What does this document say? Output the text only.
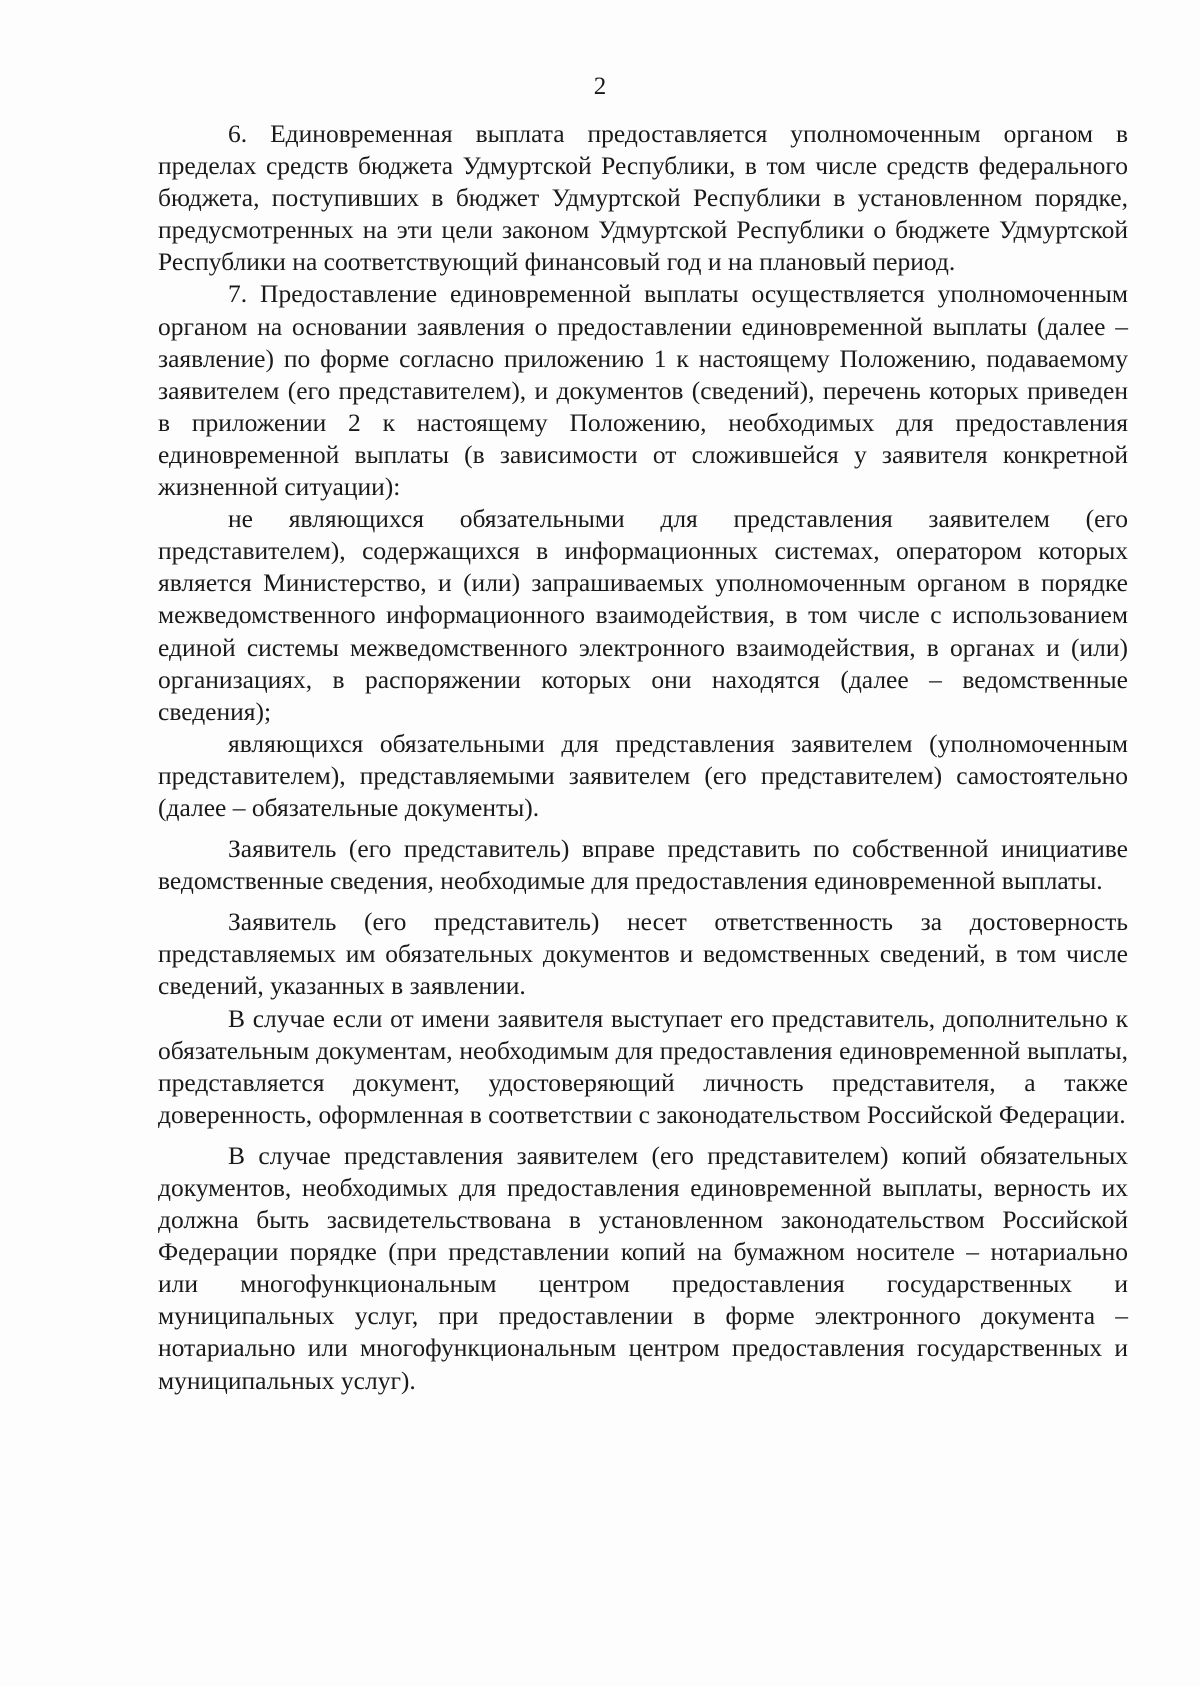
2

6. Единовременная выплата предоставляется уполномоченным органом в пределах средств бюджета Удмуртской Республики, в том числе средств федерального бюджета, поступивших в бюджет Удмуртской Республики в установленном порядке, предусмотренных на эти цели законом Удмуртской Республики о бюджете Удмуртской Республики на соответствующий финансовый год и на плановый период.

7. Предоставление единовременной выплаты осуществляется уполномоченным органом на основании заявления о предоставлении единовременной выплаты (далее – заявление) по форме согласно приложению 1 к настоящему Положению, подаваемому заявителем (его представителем), и документов (сведений), перечень которых приведен в приложении 2 к настоящему Положению, необходимых для предоставления единовременной выплаты (в зависимости от сложившейся у заявителя конкретной жизненной ситуации):

не являющихся обязательными для представления заявителем (его представителем), содержащихся в информационных системах, оператором которых является Министерство, и (или) запрашиваемых уполномоченным органом в порядке межведомственного информационного взаимодействия, в том числе с использованием единой системы межведомственного электронного взаимодействия, в органах и (или) организациях, в распоряжении которых они находятся (далее – ведомственные сведения);

являющихся обязательными для представления заявителем (уполномоченным представителем), представляемыми заявителем (его представителем) самостоятельно (далее – обязательные документы).

Заявитель (его представитель) вправе представить по собственной инициативе ведомственные сведения, необходимые для предоставления единовременной выплаты.

Заявитель (его представитель) несет ответственность за достоверность представляемых им обязательных документов и ведомственных сведений, в том числе сведений, указанных в заявлении.

В случае если от имени заявителя выступает его представитель, дополнительно к обязательным документам, необходимым для предоставления единовременной выплаты, представляется документ, удостоверяющий личность представителя, а также доверенность, оформленная в соответствии с законодательством Российской Федерации.

В случае представления заявителем (его представителем) копий обязательных документов, необходимых для предоставления единовременной выплаты, верность их должна быть засвидетельствована в установленном законодательством Российской Федерации порядке (при представлении копий на бумажном носителе – нотариально или многофункциональным центром предоставления государственных и муниципальных услуг, при предоставлении в форме электронного документа – нотариально или многофункциональным центром предоставления государственных и муниципальных услуг).
